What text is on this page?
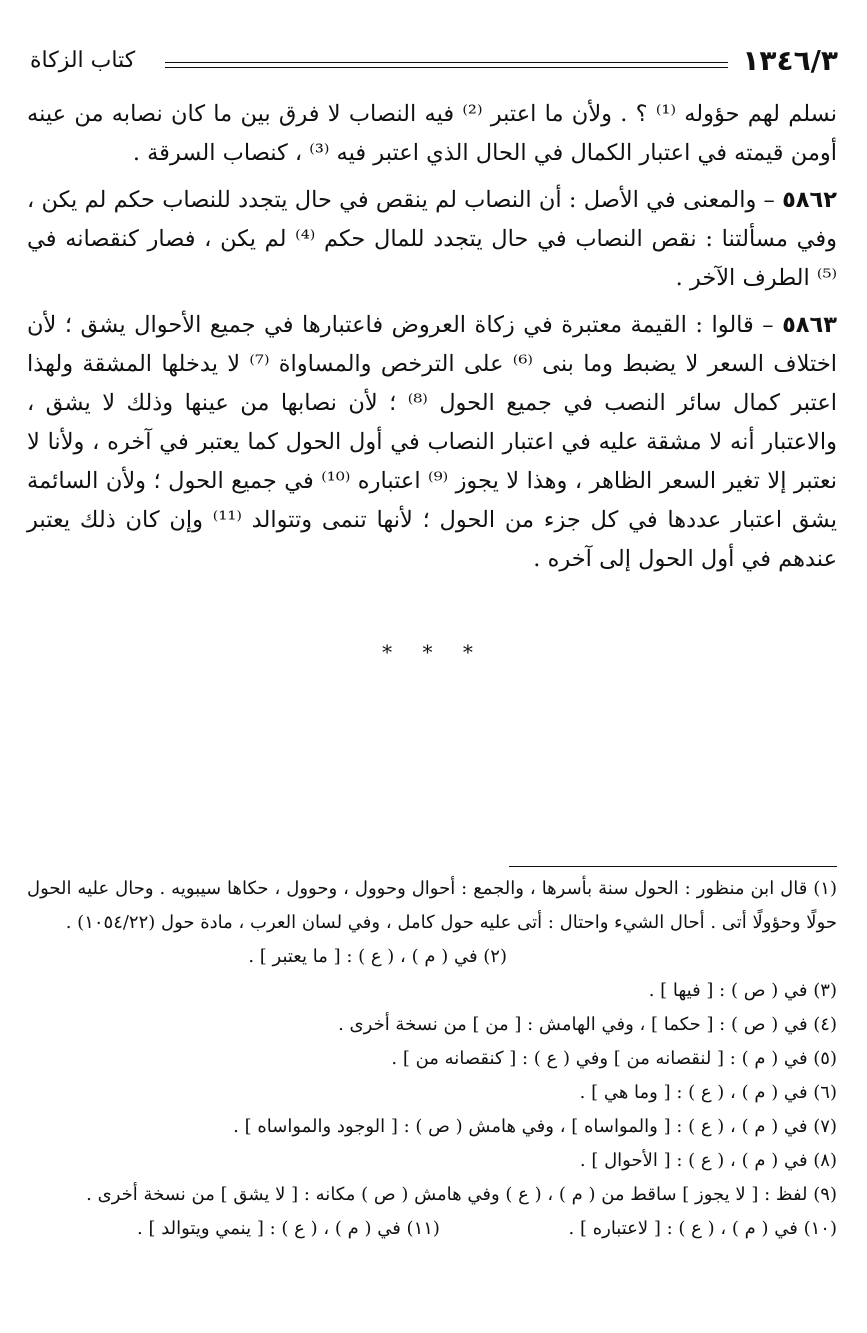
١٣٤٦/٣
كتاب الزكاة

نسلم لهم حؤوله ⁽¹⁾ ؟ . ولأن ما اعتبر ⁽²⁾ فيه النصاب لا فرق بين ما كان نصابه من عينه أومن قيمته في اعتبار الكمال في الحال الذي اعتبر فيه ⁽³⁾ ، كنصاب السرقة .

٥٨٦٢ – والمعنى في الأصل : أن النصاب لم ينقص في حال يتجدد للنصاب حكم لم يكن ، وفي مسألتنا : نقص النصاب في حال يتجدد للمال حكم ⁽⁴⁾ لم يكن ، فصار كنقصانه في ⁽⁵⁾ الطرف الآخر .

٥٨٦٣ – قالوا : القيمة معتبرة في زكاة العروض فاعتبارها في جميع الأحوال يشق ؛ لأن اختلاف السعر لا يضبط وما بنى ⁽⁶⁾ على الترخص والمساواة ⁽⁷⁾ لا يدخلها المشقة ولهذا اعتبر كمال سائر النصب في جميع الحول ⁽⁸⁾ ؛ لأن نصابها من عينها وذلك لا يشق ، والاعتبار أنه لا مشقة عليه في اعتبار النصاب في أول الحول كما يعتبر في آخره ، ولأنا لا نعتبر إلا تغير السعر الظاهر ، وهذا لا يجوز ⁽⁹⁾ اعتباره ⁽¹⁰⁾ في جميع الحول ؛ ولأن السائمة يشق اعتبار عددها في كل جزء من الحول ؛ لأنها تنمى وتتوالد ⁽¹¹⁾ وإن كان ذلك يعتبر عندهم في أول الحول إلى آخره .

* * *

(١) قال ابن منظور : الحول سنة بأسرها ، والجمع : أحوال وحوول ، وحوول ، حكاها سيبويه . وحال عليه الحول حولًا وحؤولًا أتى . أحال الشيء واحتال : أتى عليه حول كامل ، وفي لسان العرب ، مادة حول (١٠٥٤/٢٢) .

(٢) في ( م ) ، ( ع ) : [ ما يعتبر ] .

(٣) في ( ص ) : [ فيها ] .

(٤) في ( ص ) : [ حكما ] ، وفي الهامش : [ من ] من نسخة أخرى .

(٥) في ( م ) : [ لنقصانه من ] وفي ( ع ) : [ كنقصانه من ] .

(٦) في ( م ) ، ( ع ) : [ وما هي ] .

(٧) في ( م ) ، ( ع ) : [ والمواساه ] ، وفي هامش ( ص ) : [ الوجود والمواساه ] .

(٨) في ( م ) ، ( ع ) : [ الأحوال ] .

(٩) لفظ : [ لا يجوز ] ساقط من ( م ) ، ( ع ) وفي هامش ( ص ) مكانه : [ لا يشق ] من نسخة أخرى .

(١٠) في ( م ) ، ( ع ) : [ لاعتباره ] .
(١١) في ( م ) ، ( ع ) : [ ينمي ويتوالد ] .
